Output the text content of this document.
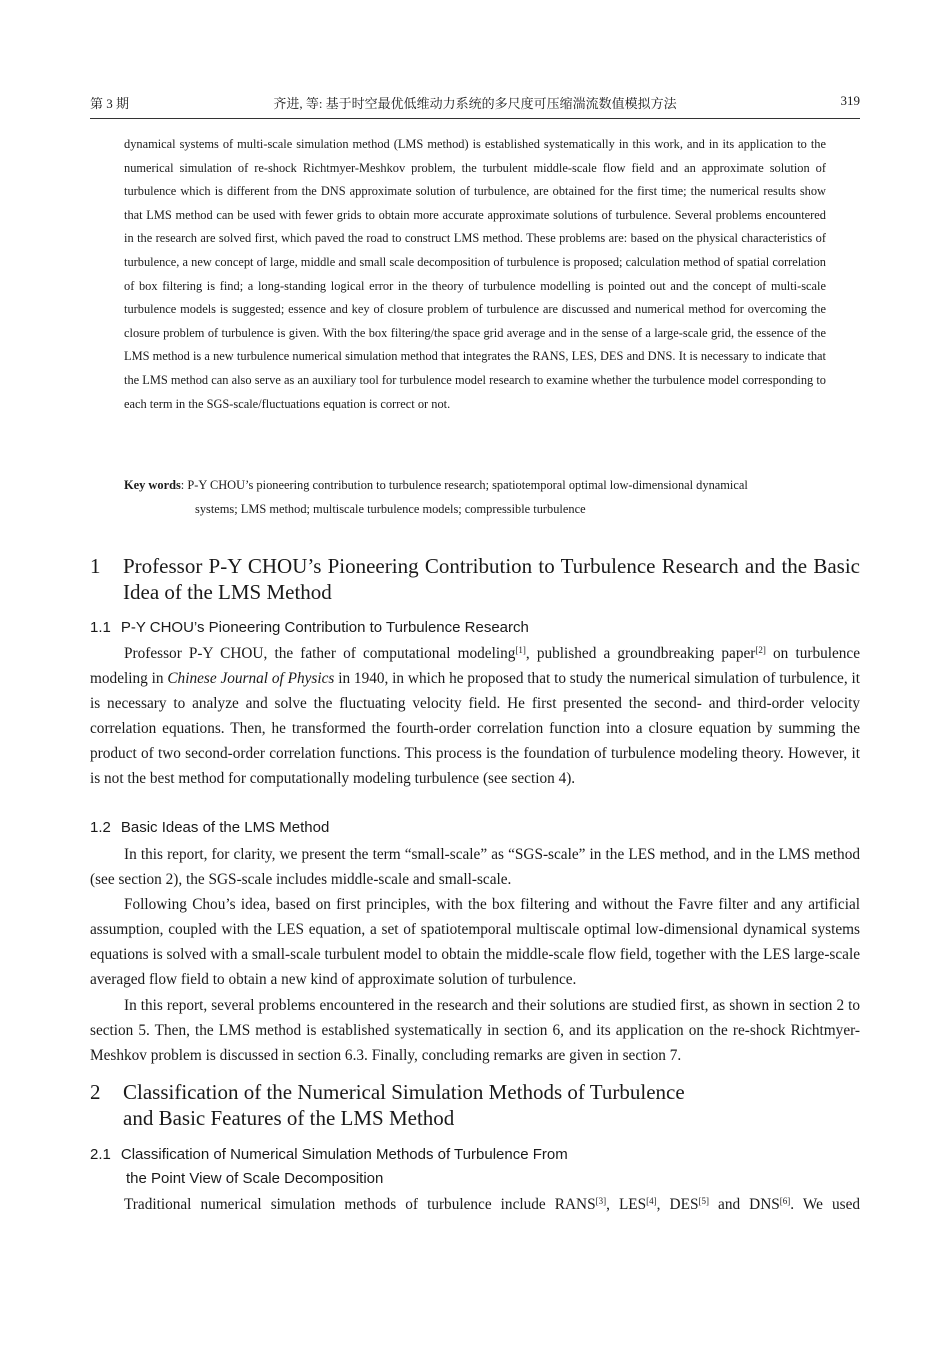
第 3 期	齐进, 等: 基于时空最优低维动力系统的多尺度可压缩湍流数值模拟方法	319
dynamical systems of multi-scale simulation method (LMS method) is established systematically in this work, and in its application to the numerical simulation of re-shock Richtmyer-Meshkov problem, the turbulent middle-scale flow field and an approximate solution of turbulence which is different from the DNS approximate solution of turbulence, are obtained for the first time; the numerical results show that LMS method can be used with fewer grids to obtain more accurate approximate solutions of turbulence. Several problems encountered in the research are solved first, which paved the road to construct LMS method. These problems are: based on the physical characteristics of turbulence, a new concept of large, middle and small scale decomposition of turbulence is proposed; calculation method of spatial correlation of box filtering is find; a long-standing logical error in the theory of turbulence modelling is pointed out and the concept of multi-scale turbulence models is suggested; essence and key of closure problem of turbulence are discussed and numerical method for overcoming the closure problem of turbulence is given. With the box filtering/the space grid average and in the sense of a large-scale grid, the essence of the LMS method is a new turbulence numerical simulation method that integrates the RANS, LES, DES and DNS. It is necessary to indicate that the LMS method can also serve as an auxiliary tool for turbulence model research to examine whether the turbulence model corresponding to each term in the SGS-scale/fluctuations equation is correct or not.
Key words: P-Y CHOU’s pioneering contribution to turbulence research; spatiotemporal optimal low-dimensional dynamical
systems; LMS method; multiscale turbulence models; compressible turbulence
1 Professor P-Y CHOU’s Pioneering Contribution to Turbulence Research and the Basic Idea of the LMS Method
1.1 P-Y CHOU’s Pioneering Contribution to Turbulence Research

Professor P-Y CHOU, the father of computational modeling[1], published a groundbreaking paper[2] on turbulence modeling in Chinese Journal of Physics in 1940, in which he proposed that to study the numerical simulation of turbulence, it is necessary to analyze and solve the fluctuating velocity field. He first presented the second- and third-order velocity correlation equations. Then, he transformed the fourth-order correlation function into a closure equation by summing the product of two second-order correlation functions. This process is the foundation of turbulence modeling theory. However, it is not the best method for computationally modeling turbulence (see section 4).

1.2 Basic Ideas of the LMS Method

In this report, for clarity, we present the term “small-scale” as “SGS-scale” in the LES method, and in the LMS method (see section 2), the SGS-scale includes middle-scale and small-scale.

Following Chou’s idea, based on first principles, with the box filtering and without the Favre filter and any artificial assumption, coupled with the LES equation, a set of spatiotemporal multiscale optimal low-dimensional dynamical systems equations is solved with a small-scale turbulent model to obtain the middle-scale flow field, together with the LES large-scale averaged flow field to obtain a new kind of approximate solution of turbulence.

In this report, several problems encountered in the research and their solutions are studied first, as shown in section 2 to section 5. Then, the LMS method is established systematically in section 6, and its application on the re-shock Richtmyer-Meshkov problem is discussed in section 6.3. Finally, concluding remarks are given in section 7.

2 Classification of the Numerical Simulation Methods of Turbulence
and Basic Features of the LMS Method
2.1 Classification of Numerical Simulation Methods of Turbulence From
the Point View of Scale Decomposition

Traditional numerical simulation methods of turbulence include RANS[3], LES[4], DES[5] and DNS[6]. We used
